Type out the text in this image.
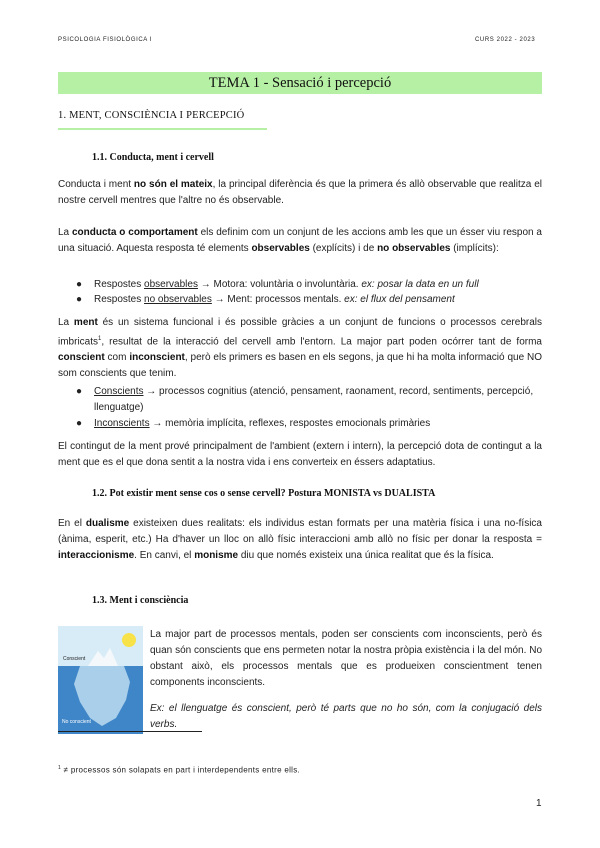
PSICOLOGIA FISIOLÒGICA I	CURS 2022 - 2023
TEMA 1 - Sensació i percepció
1. MENT, CONSCIÈNCIA I PERCEPCIÓ
1.1. Conducta, ment i cervell
Conducta i ment no són el mateix, la principal diferència és que la primera és allò observable que realitza el nostre cervell mentres que l'altre no és observable.
La conducta o comportament els definim com un conjunt de les accions amb les que un ésser viu respon a una situació. Aquesta resposta té elements observables (explícits) i de no observables (implícits):
●	Respostes observables → Motora: voluntària o involuntària. ex: posar la data en un full
●	Respostes no observables → Ment: processos mentals. ex: el flux del pensament
La ment és un sistema funcional i és possible gràcies a un conjunt de funcions o processos cerebrals imbricats$^1$, resultat de la interacció del cervell amb l'entorn. La major part poden ocórrer tant de forma conscient com inconscient, però els primers es basen en els segons, ja que hi ha molta informació que NO som conscients que tenim.
●	Conscients → processos cognitius (atenció, pensament, raonament, record, sentiments, percepció, llenguatge)
●	Inconscients → memòria implícita, reflexes, respostes emocionals primàries
El contingut de la ment prové principalment de l'ambient (extern i intern), la percepció dota de contingut a la ment que es el que dona sentit a la nostra vida i ens converteix en éssers adaptatius.
1.2. Pot existir ment sense cos o sense cervell? Postura MONISTA vs DUALISTA
En el dualisme existeixen dues realitats: els individus estan formats per una matèria física i una no-física (ànima, esperit, etc.) Ha d'haver un lloc on allò físic interaccioni amb allò no físic per donar la resposta = interaccionisme. En canvi, el monisme diu que només existeix una única realitat que és la física.
1.3. Ment i consciència
Conscient
No conscient
La major part de processos mentals, poden ser conscients com inconscients, però és quan són conscients que ens permeten notar la nostra pròpia existència i la del món. No obstant això, els processos mentals que es produeixen conscientment tenen components inconscients.
Ex: el llenguatge és conscient, però té parts que no ho són, com la conjugació dels verbs.
$^1$ ≠ processos són solapats en part i interdependents entre ells.
1
